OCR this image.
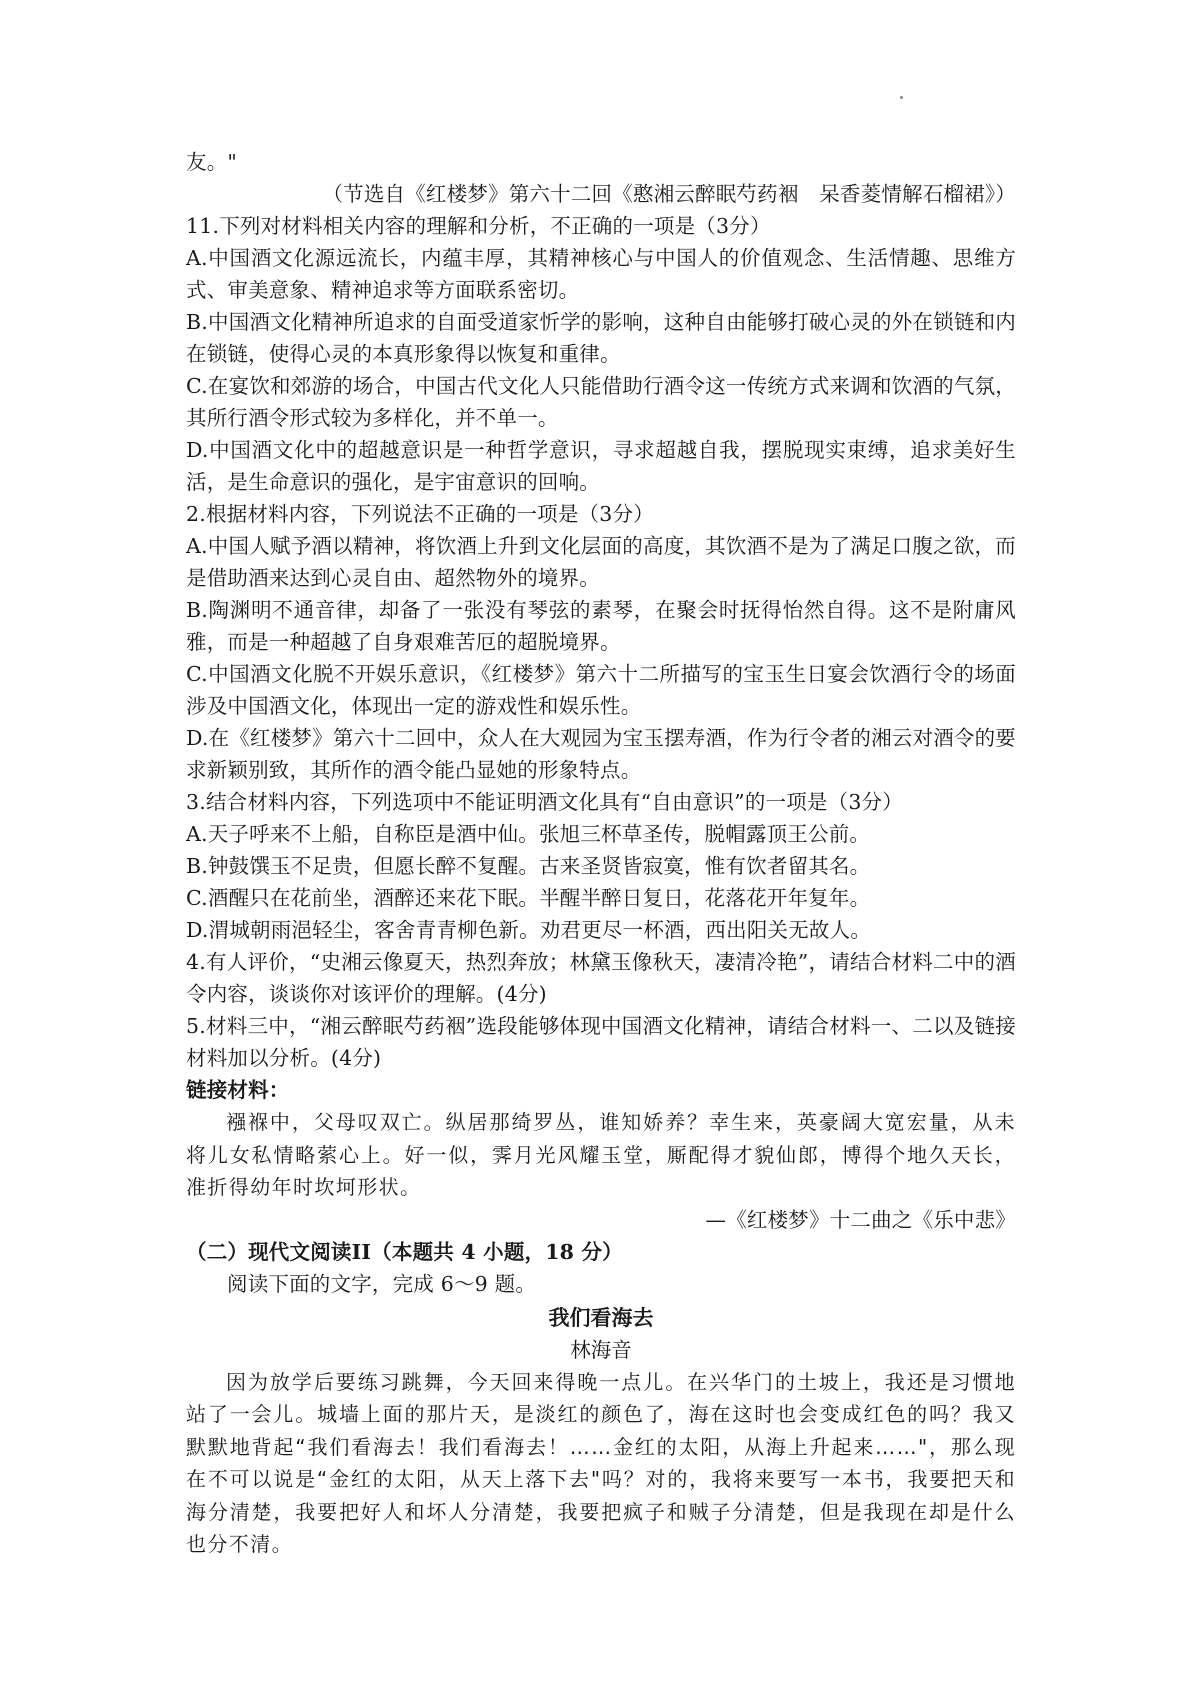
友。"
（节选自《红楼梦》第六十二回《憨湘云醉眠芍药裀　呆香菱情解石榴裙》）
11.下列对材料相关内容的理解和分析，不正确的一项是（3分）
A.中国酒文化源远流长，内蕴丰厚，其精神核心与中国人的价值观念、生活情趣、思维方式、审美意象、精神追求等方面联系密切。
B.中国酒文化精神所追求的自面受道家忻学的影响，这种自由能够打破心灵的外在锁链和内在锁链，使得心灵的本真形象得以恢复和重律。
C.在宴饮和郊游的场合，中国古代文化人只能借助行酒令这一传统方式来调和饮酒的气氛，其所行酒令形式较为多样化，并不单一。
D.中国酒文化中的超越意识是一种哲学意识，寻求超越自我，摆脱现实束缚，追求美好生活，是生命意识的强化，是宇宙意识的回响。
2.根据材料内容，下列说法不正确的一项是（3分）
A.中国人赋予酒以精神，将饮酒上升到文化层面的高度，其饮酒不是为了满足口腹之欲，而是借助酒来达到心灵自由、超然物外的境界。
B.陶渊明不通音律，却备了一张没有琴弦的素琴，在聚会时抚得怡然自得。这不是附庸风雅，而是一种超越了自身艰难苦厄的超脱境界。
C.中国酒文化脱不开娱乐意识，《红楼梦》第六十二所描写的宝玉生日宴会饮酒行令的场面涉及中国酒文化，体现出一定的游戏性和娱乐性。
D.在《红楼梦》第六十二回中，众人在大观园为宝玉摆寿酒，作为行令者的湘云对酒令的要求新颖别致，其所作的酒令能凸显她的形象特点。
3.结合材料内容，下列选项中不能证明酒文化具有“自由意识”的一项是（3分）
A.天子呼来不上船，自称臣是酒中仙。张旭三杯草圣传，脱帽露顶王公前。
B.钟鼓馔玉不足贵，但愿长醉不复醒。古来圣贤皆寂寞，惟有饮者留其名。
C.酒醒只在花前坐，酒醉还来花下眠。半醒半醉日复日，花落花开年复年。
D.渭城朝雨浥轻尘，客舍青青柳色新。劝君更尽一杯酒，西出阳关无故人。
4.有人评价，“史湘云像夏天，热烈奔放；林黛玉像秋天，凄清冷艳”，请结合材料二中的酒令内容，谈谈你对该评价的理解。(4分)
5.材料三中，“湘云醉眠芍药裀”选段能够体现中国酒文化精神，请结合材料一、二以及链接材料加以分析。(4分)
链接材料：
襁褓中，父母叹双亡。纵居那绮罗丛，谁知娇养？幸生来，英豪阔大宽宏量，从未将儿女私情略萦心上。好一似，霁月光风耀玉堂，厮配得才貌仙郎，博得个地久天长，准折得幼年时坎坷形状。
—《红楼梦》十二曲之《乐中悲》
（二）现代文阅读II（本题共 4 小题，18 分）
阅读下面的文字，完成 6～9 题。
我们看海去
林海音
因为放学后要练习跳舞，今天回来得晚一点儿。在兴华门的土坡上，我还是习惯地站了一会儿。城墙上面的那片天，是淡红的颜色了，海在这时也会变成红色的吗？我又默默地背起“我们看海去！我们看海去！……金红的太阳，从海上升起来……"，那么现在不可以说是“金红的太阳，从天上落下去"吗？对的，我将来要写一本书，我要把天和海分清楚，我要把好人和坏人分清楚，我要把疯子和贼子分清楚，但是我现在却是什么也分不清。
